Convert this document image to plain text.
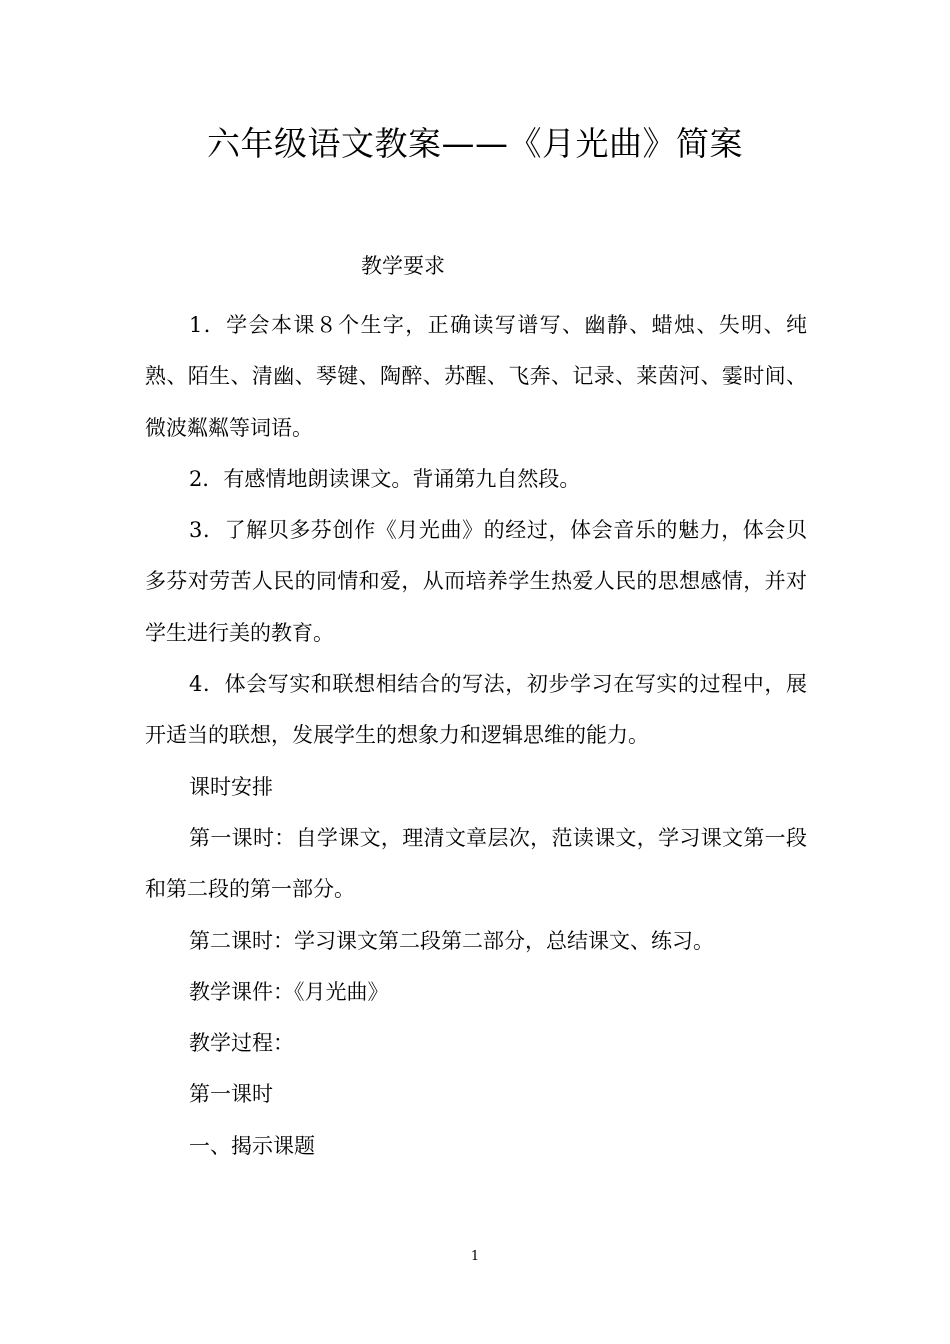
六年级语文教案——《月光曲》简案
教学要求

1．学会本课８个生字，正确读写谱写、幽静、蜡烛、失明、纯熟、陌生、清幽、琴键、陶醉、苏醒、飞奔、记录、莱茵河、霎时间、微波粼粼等词语。

2．有感情地朗读课文。背诵第九自然段。

3．了解贝多芬创作《月光曲》的经过，体会音乐的魅力，体会贝多芬对劳苦人民的同情和爱，从而培养学生热爱人民的思想感情，并对学生进行美的教育。

4．体会写实和联想相结合的写法，初步学习在写实的过程中，展开适当的联想，发展学生的想象力和逻辑思维的能力。

课时安排

第一课时：自学课文，理清文章层次，范读课文，学习课文第一段和第二段的第一部分。

第二课时：学习课文第二段第二部分，总结课文、练习。

教学课件：《月光曲》

教学过程：

第一课时

一、揭示课题

1
